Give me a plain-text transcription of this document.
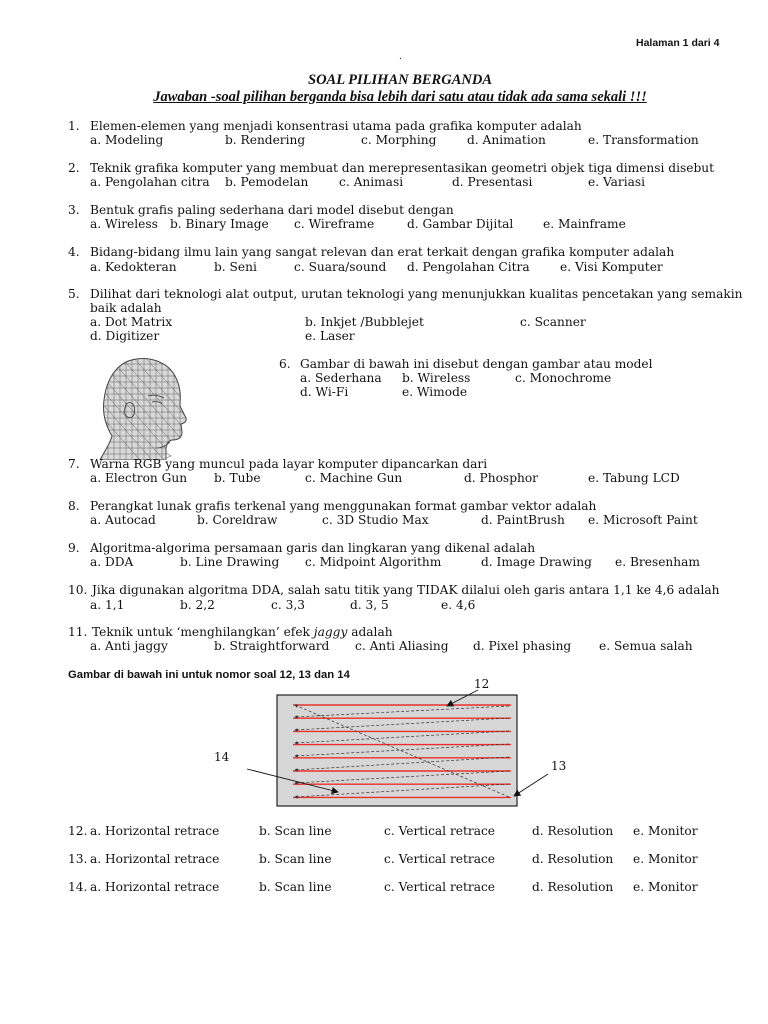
Halaman 1 dari 4
.
SOAL PILIHAN BERGANDA
Jawaban -soal pilihan berganda bisa lebih dari satu atau tidak ada sama sekali !!!
1. Elemen-elemen yang menjadi konsentrasi utama pada grafika komputer adalah
a. Modeling	b. Rendering	c. Morphing	d. Animation	e. Transformation
2. Teknik grafika komputer yang membuat dan merepresentasikan geometri objek tiga dimensi disebut
a. Pengolahan citra b. Pemodelan	c. Animasi	d. Presentasi	e. Variasi
3. Bentuk grafis paling sederhana dari model disebut dengan
a. Wireless b. Binary Image c. Wireframe	d. Gambar Dijital e. Mainframe
4. Bidang-bidang ilmu lain yang sangat relevan dan erat terkait dengan grafika komputer adalah
a. Kedokteran	b. Seni	c. Suara/sound d. Pengolahan Citra e. Visi Komputer
5. Dilihat dari teknologi alat output, urutan teknologi yang menunjukkan kualitas pencetakan yang semakin
baik adalah
a. Dot Matrix	b. Inkjet /Bubblejet	c. Scanner
d. Digitizer	e. Laser
6. Gambar di bawah ini disebut dengan gambar atau model
a. Sederhana b. Wireless	c. Monochrome
d. Wi-Fi	e. Wimode
7. Warna RGB yang muncul pada layar komputer dipancarkan dari
a. Electron Gun b. Tube	c. Machine Gun	d. Phosphor	e. Tabung LCD
8. Perangkat lunak grafis terkenal yang menggunakan format gambar vektor adalah
a. Autocad	b. Coreldraw	c. 3D Studio Max	d. PaintBrush e. Microsoft Paint
9. Algoritma-algorima persamaan garis dan lingkaran yang dikenal adalah
a. DDA	b. Line Drawing c. Midpoint Algorithm	d. Image Drawing e. Bresenham
10. Jika digunakan algoritma DDA, salah satu titik yang TIDAK dilalui oleh garis antara 1,1 ke 4,6 adalah
a. 1,1	b. 2,2	c. 3,3	d. 3, 5	e. 4,6
11. Teknik untuk ‘menghilangkan’ efek jaggy adalah
a. Anti jaggy	b. Straightforward c. Anti Aliasing d. Pixel phasing e. Semua salah
Gambar di bawah ini untuk nomor soal 12, 13 dan 14
12
13
14
12. a. Horizontal retrace	b. Scan line	c. Vertical retrace	d. Resolution e. Monitor
13. a. Horizontal retrace	b. Scan line	c. Vertical retrace	d. Resolution e. Monitor
14. a. Horizontal retrace	b. Scan line	c. Vertical retrace	d. Resolution e. Monitor
